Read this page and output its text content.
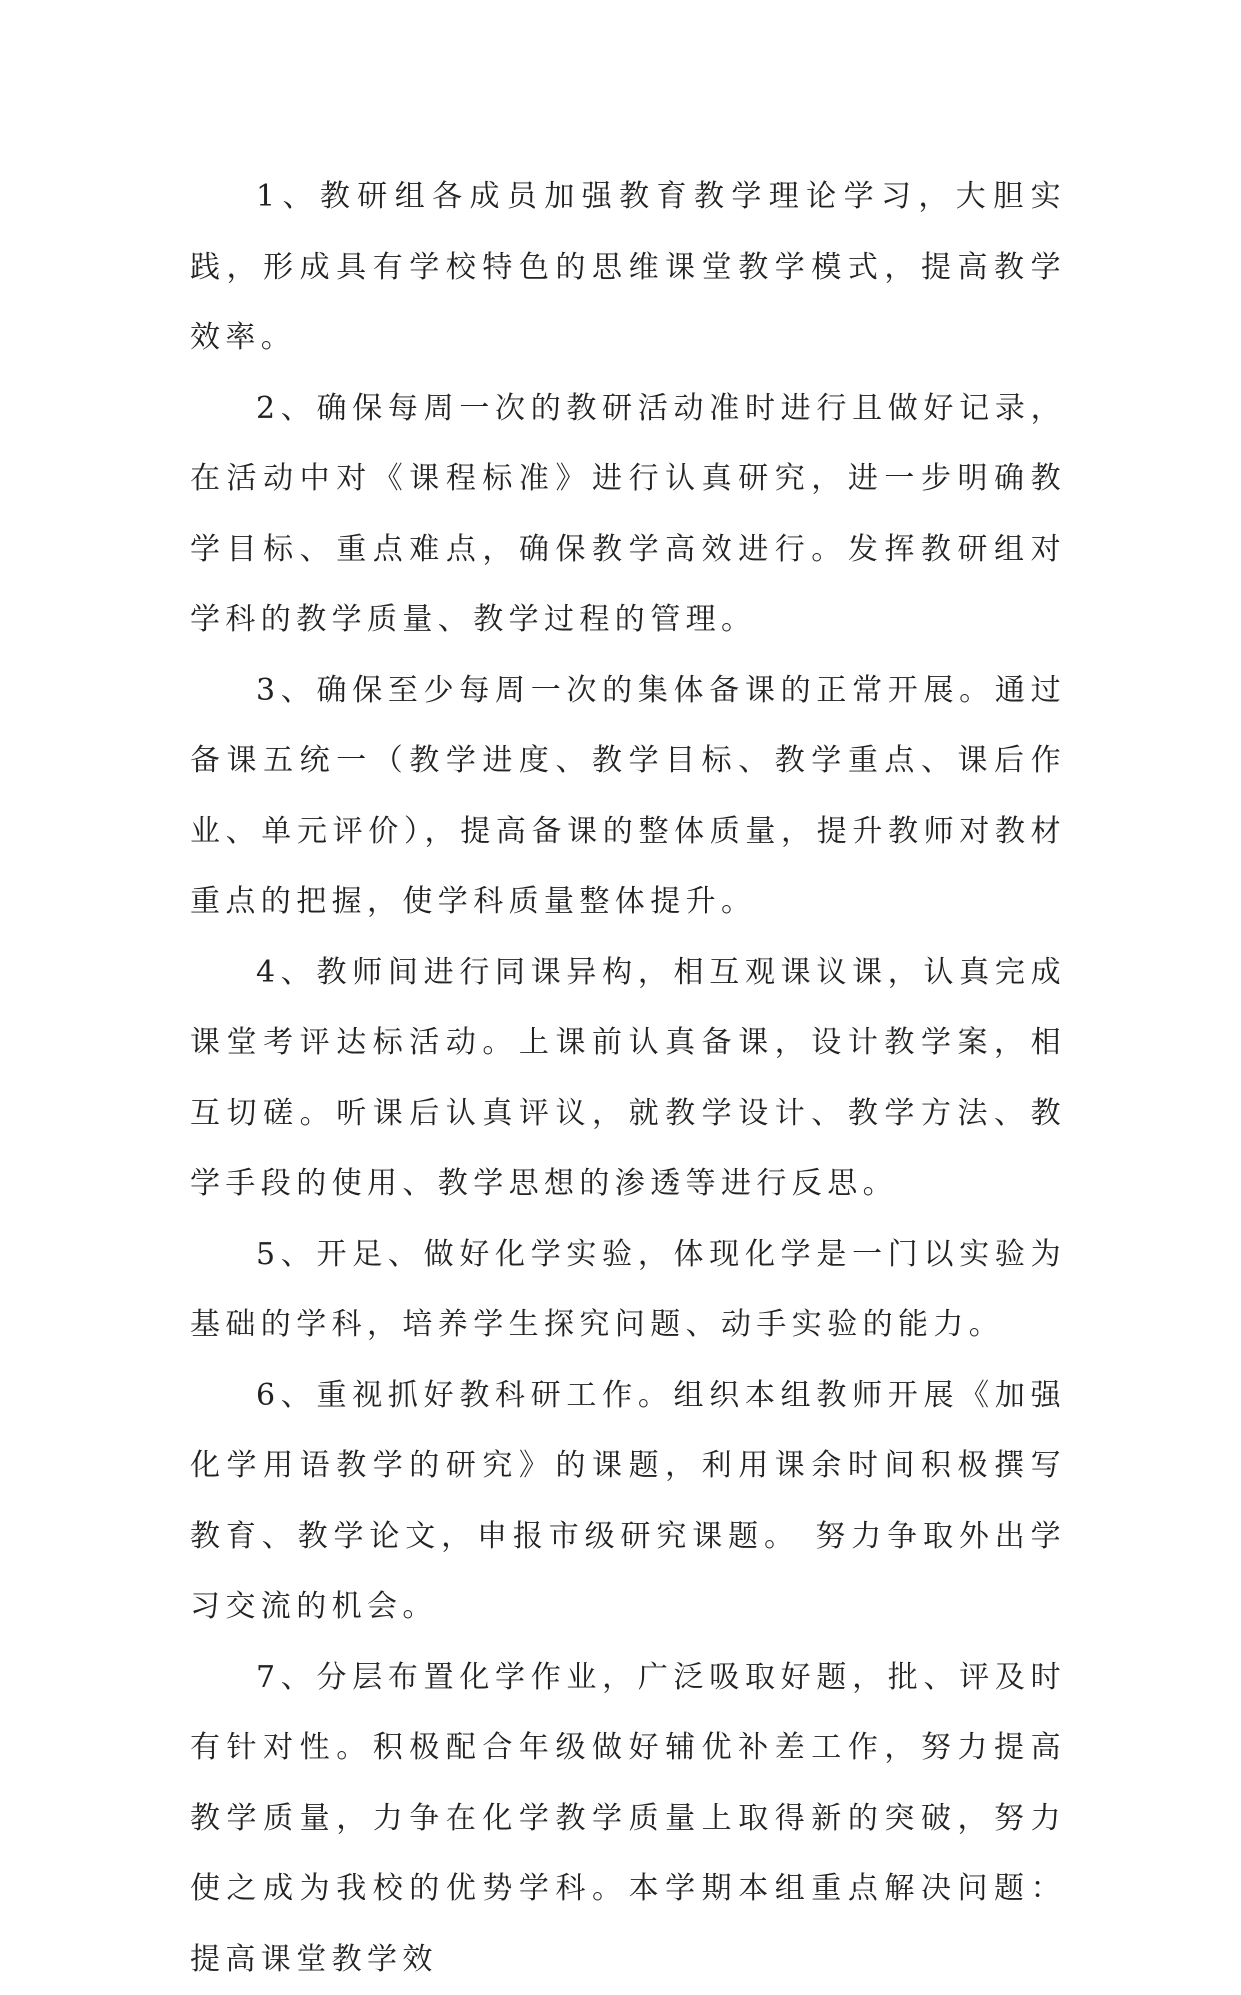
1、教研组各成员加强教育教学理论学习，大胆实践，形成具有学校特色的思维课堂教学模式，提高教学效率。

2、确保每周一次的教研活动准时进行且做好记录，在活动中对《课程标准》进行认真研究，进一步明确教学目标、重点难点，确保教学高效进行。发挥教研组对学科的教学质量、教学过程的管理。

3、确保至少每周一次的集体备课的正常开展。通过备课五统一（教学进度、教学目标、教学重点、课后作业、单元评价），提高备课的整体质量，提升教师对教材重点的把握，使学科质量整体提升。

4、教师间进行同课异构，相互观课议课，认真完成课堂考评达标活动。上课前认真备课，设计教学案，相互切磋。听课后认真评议，就教学设计、教学方法、教学手段的使用、教学思想的渗透等进行反思。

5、开足、做好化学实验，体现化学是一门以实验为基础的学科，培养学生探究问题、动手实验的能力。

6、重视抓好教科研工作。组织本组教师开展《加强化学用语教学的研究》的课题，利用课余时间积极撰写教育、教学论文，申报市级研究课题。 努力争取外出学习交流的机会。

7、分层布置化学作业，广泛吸取好题，批、评及时有针对性。积极配合年级做好辅优补差工作，努力提高教学质量，力争在化学教学质量上取得新的突破，努力使之成为我校的优势学科。本学期本组重点解决问题：提高课堂教学效
